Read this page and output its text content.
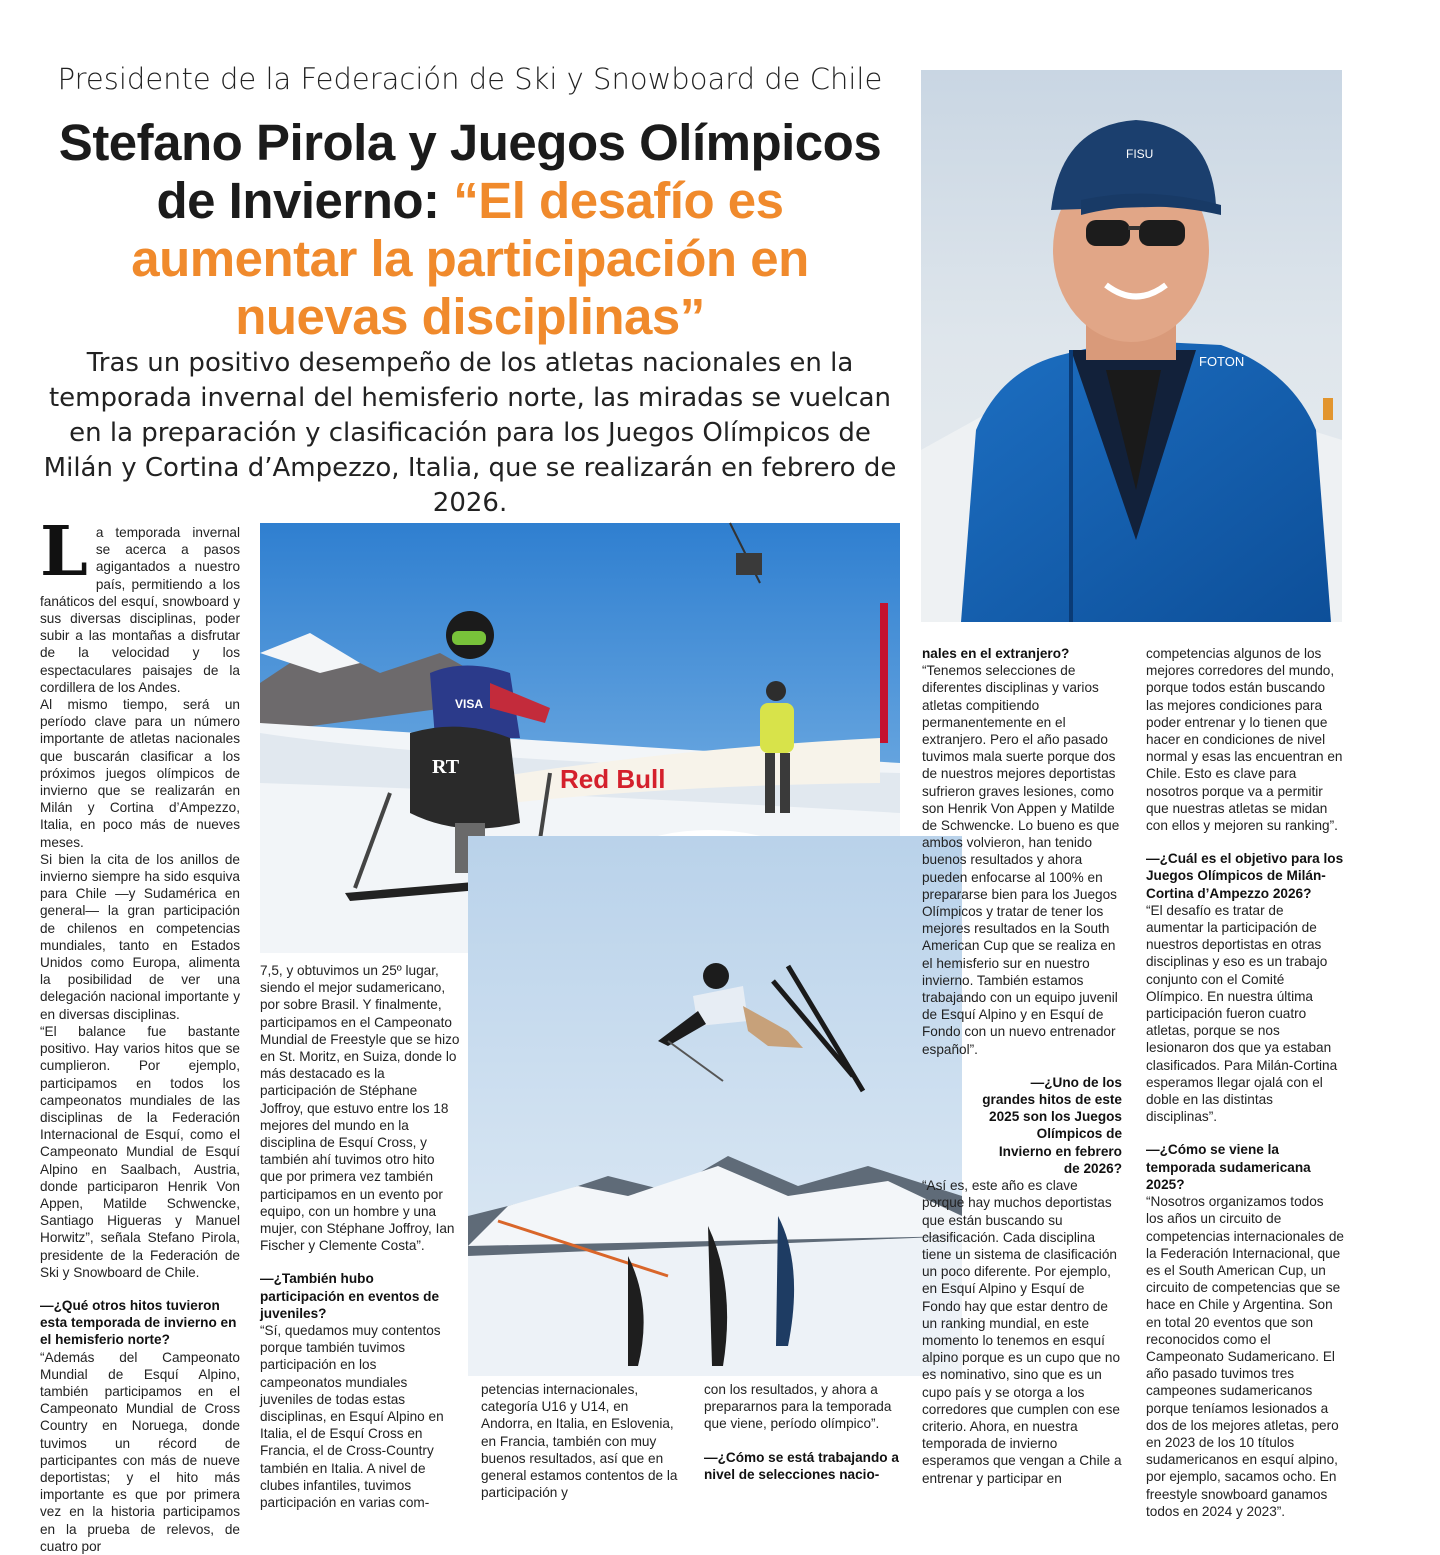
Presidente de la Federación de Ski y Snowboard de Chile
Stefano Pirola y Juegos Olímpicos
de Invierno: “El desafío es
aumentar la participación en
nuevas disciplinas”

Tras un positivo desempeño de los atletas nacionales en la temporada invernal del hemisferio norte, las miradas se vuelcan en la preparación y clasificación para los Juegos Olímpicos de Milán y Cortina d’Ampezzo, Italia, que se realizarán en febrero de 2026.

FISU
FOTON
Red Bull
VISA
RT
L a temporada invernal se acerca a pasos agigantados a nuestro país, permitiendo a los fanáticos del esquí, snowboard y sus diversas disciplinas, poder subir a las montañas a disfrutar de la velocidad y los espectaculares paisajes de la cordillera de los Andes.

Al mismo tiempo, será un período clave para un número importante de atletas nacionales que buscarán clasificar a los próximos juegos olímpicos de invierno que se realizarán en Milán y Cortina d’Ampezzo, Italia, en poco más de nueves meses.

Si bien la cita de los anillos de invierno siempre ha sido esquiva para Chile —y Sudamérica en general— la gran participación de chilenos en competencias mundiales, tanto en Estados Unidos como Europa, alimenta la posibilidad de ver una delegación nacional importante y en diversas disciplinas.

“El balance fue bastante positivo. Hay varios hitos que se cumplieron. Por ejemplo, participamos en todos los campeonatos mundiales de las disciplinas de la Federación Internacional de Esquí, como el Campeonato Mundial de Esquí Alpino en Saalbach, Austria, donde participaron Henrik Von Appen, Matilde Schwencke, Santiago Higueras y Manuel Horwitz”, señala Stefano Pirola, presidente de la Federación de Ski y Snowboard de Chile.

—¿Qué otros hitos tuvieron esta temporada de invierno en el hemisferio norte?

“Además del Campeonato Mundial de Esquí Alpino, también participamos en el Campeonato Mundial de Cross Country en Noruega, donde tuvimos un récord de participantes con más de nueve deportistas; y el hito más importante es que por primera vez en la historia participamos en la prueba de relevos, de cuatro por

7,5, y obtuvimos un 25º lugar, siendo el mejor sudamericano, por sobre Brasil. Y finalmente, participamos en el Campeonato Mundial de Freestyle que se hizo en St. Moritz, en Suiza, donde lo más destacado es la participación de Stéphane Joffroy, que estuvo entre los 18 mejores del mundo en la disciplina de Esquí Cross, y también ahí tuvimos otro hito que por primera vez también participamos en un evento por equipo, con un hombre y una mujer, con Stéphane Joffroy, Ian Fischer y Clemente Costa”.

—¿También hubo participación en eventos de juveniles?

“Sí, quedamos muy contentos porque también tuvimos participación en los campeonatos mundiales juveniles de todas estas disciplinas, en Esquí Alpino en Italia, el de Esquí Cross en Francia, el de Cross-Country también en Italia. A nivel de clubes infantiles, tuvimos participación en varias com-

petencias internacionales, categoría U16 y U14, en Andorra, en Italia, en Eslovenia, en Francia, también con muy buenos resultados, así que en general estamos contentos de la participación y

con los resultados, y ahora a prepararnos para la temporada que viene, período olímpico”.

—¿Cómo se está trabajando a nivel de selecciones nacio-

nales en el extranjero?

“Tenemos selecciones de diferentes disciplinas y varios atletas compitiendo permanentemente en el extranjero. Pero el año pasado tuvimos mala suerte porque dos de nuestros mejores deportistas sufrieron graves lesiones, como son Henrik Von Appen y Matilde de Schwencke. Lo bueno es que ambos volvieron, han tenido buenos resultados y ahora pueden enfocarse al 100% en prepararse bien para los Juegos Olímpicos y tratar de tener los mejores resultados en la South American Cup que se realiza en el hemisferio sur en nuestro invierno. También estamos trabajando con un equipo juvenil de Esquí Alpino y en Esquí de Fondo con un nuevo entrenador español”.

—¿Uno de los grandes hitos de este 2025 son los Juegos Olímpicos de Invierno en febrero de 2026?

“Así es, este año es clave porque hay muchos deportistas que están buscando su clasificación. Cada disciplina tiene un sistema de clasificación un poco diferente. Por ejemplo, en Esquí Alpino y Esquí de Fondo hay que estar dentro de un ranking mundial, en este momento lo tenemos en esquí alpino porque es un cupo que no es nominativo, sino que es un cupo país y se otorga a los corredores que cumplen con ese criterio. Ahora, en nuestra temporada de invierno esperamos que vengan a Chile a entrenar y participar en

competencias algunos de los mejores corredores del mundo, porque todos están buscando las mejores condiciones para poder entrenar y lo tienen que hacer en condiciones de nivel normal y esas las encuentran en Chile. Esto es clave para nosotros porque va a permitir que nuestras atletas se midan con ellos y mejoren su ranking”.

—¿Cuál es el objetivo para los Juegos Olímpicos de Milán-Cortina d’Ampezzo 2026?

“El desafío es tratar de aumentar la participación de nuestros deportistas en otras disciplinas y eso es un trabajo conjunto con el Comité Olímpico. En nuestra última participación fueron cuatro atletas, porque se nos lesionaron dos que ya estaban clasificados. Para Milán-Cortina esperamos llegar ojalá con el doble en las distintas disciplinas”.

—¿Cómo se viene la temporada sudamericana 2025?

“Nosotros organizamos todos los años un circuito de competencias internacionales de la Federación Internacional, que es el South American Cup, un circuito de competencias que se hace en Chile y Argentina. Son en total 20 eventos que son reconocidos como el Campeonato Sudamericano. El año pasado tuvimos tres campeones sudamericanos porque teníamos lesionados a dos de los mejores atletas, pero en 2023 de los 10 títulos sudamericanos en esquí alpino, por ejemplo, sacamos ocho. En freestyle snowboard ganamos todos en 2024 y 2023”.
